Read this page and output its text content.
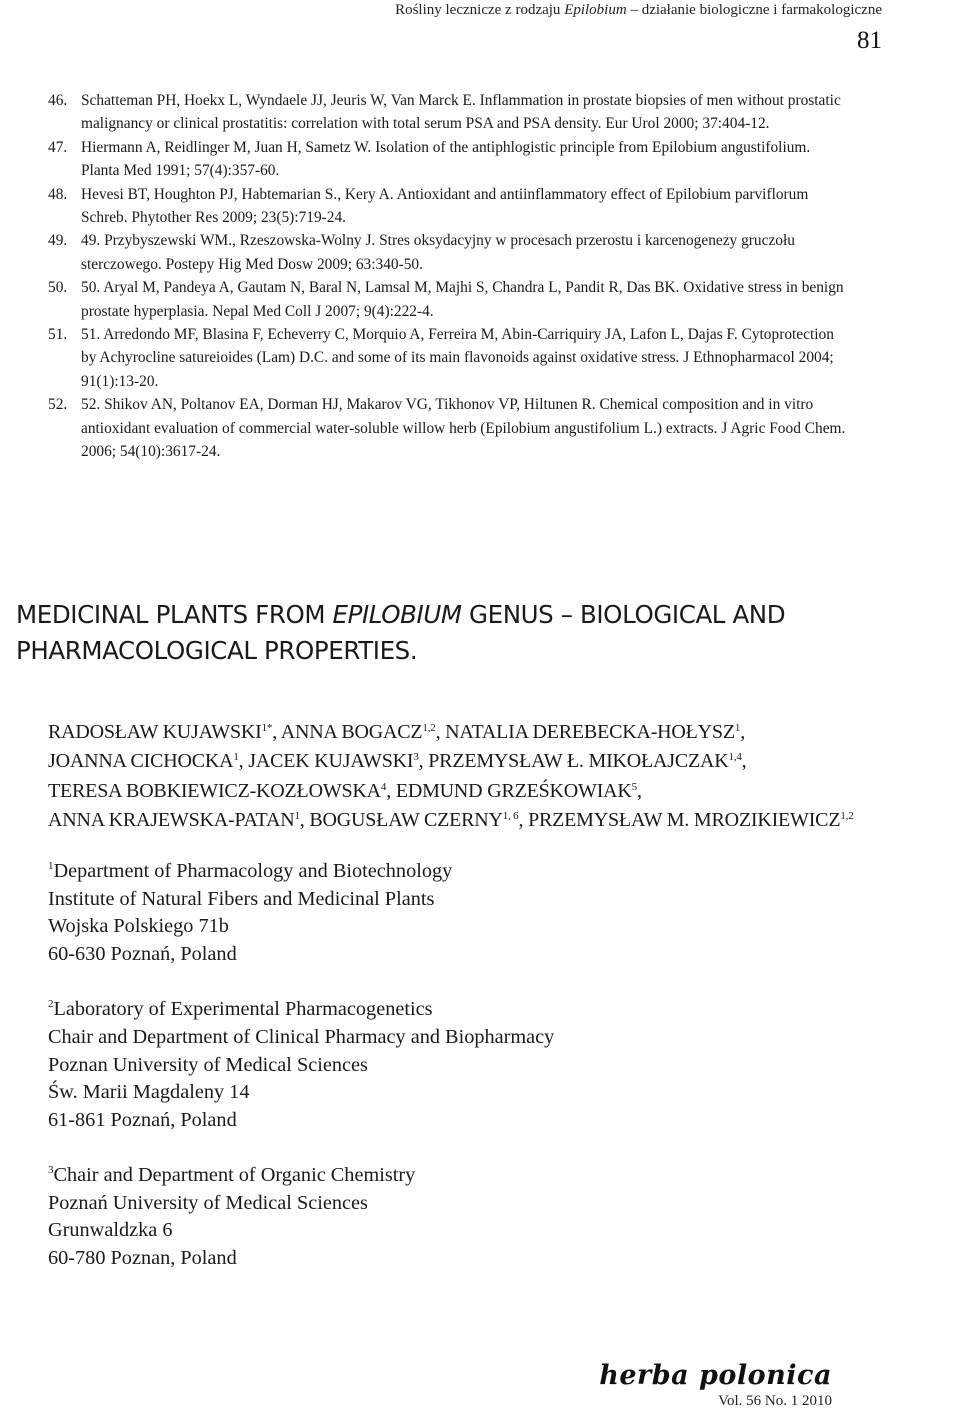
Rośliny lecznicze z rodzaju Epilobium – działanie biologiczne i farmakologiczne
81
46. Schatteman PH, Hoekx L, Wyndaele JJ, Jeuris W, Van Marck E. Inflammation in prostate biopsies of men without prostatic malignancy or clinical prostatitis: correlation with total serum PSA and PSA density. Eur Urol 2000; 37:404-12.
47. Hiermann A, Reidlinger M, Juan H, Sametz W. Isolation of the antiphlogistic principle from Epilobium angustifolium. Planta Med 1991; 57(4):357-60.
48. Hevesi BT, Houghton PJ, Habtemarian S., Kery A. Antioxidant and antiinflammatory effect of Epilobium parviflorum Schreb. Phytother Res 2009; 23(5):719-24.
49. 49. Przybyszewski WM., Rzeszowska-Wolny J. Stres oksydacyjny w procesach przerostu i karcenogenezy gruczołu sterczowego. Postepy Hig Med Dosw 2009; 63:340-50.
50. 50. Aryal M, Pandeya A, Gautam N, Baral N, Lamsal M, Majhi S, Chandra L, Pandit R, Das BK. Oxidative stress in benign prostate hyperplasia. Nepal Med Coll J 2007; 9(4):222-4.
51. 51. Arredondo MF, Blasina F, Echeverry C, Morquio A, Ferreira M, Abin-Carriquiry JA, Lafon L, Dajas F. Cytoprotection by Achyrocline satureioides (Lam) D.C. and some of its main flavonoids against oxidative stress. J Ethnopharmacol 2004; 91(1):13-20.
52. 52. Shikov AN, Poltanov EA, Dorman HJ, Makarov VG, Tikhonov VP, Hiltunen R. Chemical composition and in vitro antioxidant evaluation of commercial water-soluble willow herb (Epilobium angustifolium L.) extracts. J Agric Food Chem. 2006; 54(10):3617-24.
MEDICINAL PLANTS FROM EPILOBIUM GENUS – BIOLOGICAL AND PHARMACOLOGICAL PROPERTIES.
RADOSŁAW $KUJAWSKI^{1*}$, ANNA BOGACZ$^{1,2}$, NATALIA DEREBECKA-HOŁYSZ$^1$,
JOANNA CICHOCKA$^1$, JACEK KUJAWSKI$^3$, PRZEMYSŁAW Ł. MIKOŁAJCZAK$^{1,4}$,
TERESA BOBKIEWICZ-KOZŁOWSKA$^4$, EDMUND GRZEŚKOWIAK$^5$,
ANNA KRAJEWSKA-PATAN$^1$, BOGUSŁAW CZERNY$^{1, 6}$, PRZEMYSŁAW M. MROZIKIEWICZ$^{1,2}$
$^1$Department of Pharmacology and Biotechnology
Institute of Natural Fibers and Medicinal Plants
Wojska Polskiego 71b
60-630 Poznań, Poland
$^2$Laboratory of Experimental Pharmacogenetics
Chair and Department of Clinical Pharmacy and Biopharmacy
Poznan University of Medical Sciences
Św. Marii Magdaleny 14
61-861 Poznań, Poland
$^3$Chair and Department of Organic Chemistry
Poznań University of Medical Sciences
Grunwaldzka 6
60-780 Poznan, Poland
herba polonica
Vol. 56 No. 1 2010
